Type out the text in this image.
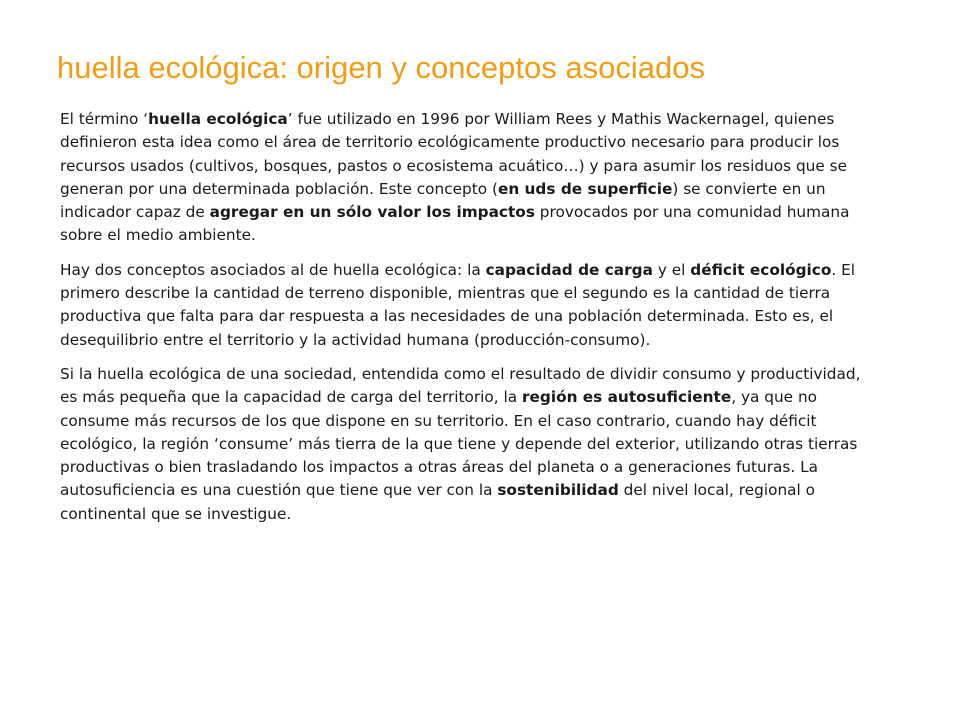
huella ecológica: origen y conceptos asociados

El término ‘huella ecológica’ fue utilizado en 1996 por William Rees y Mathis Wackernagel, quienes definieron esta idea como el área de territorio ecológicamente productivo necesario para producir los recursos usados (cultivos, bosques, pastos o ecosistema acuático…) y para asumir los residuos que se generan por una determinada población. Este concepto (en uds de superficie) se convierte en un indicador capaz de agregar en un sólo valor los impactos provocados por una comunidad humana sobre el medio ambiente.

Hay dos conceptos asociados al de huella ecológica: la capacidad de carga y el déficit ecológico. El primero describe la cantidad de terreno disponible, mientras que el segundo es la cantidad de tierra productiva que falta para dar respuesta a las necesidades de una población determinada. Esto es, el desequilibrio entre el territorio y la actividad humana (producción-consumo).

Si la huella ecológica de una sociedad, entendida como el resultado de dividir consumo y productividad, es más pequeña que la capacidad de carga del territorio, la región es autosuficiente, ya que no consume más recursos de los que dispone en su territorio. En el caso contrario, cuando hay déficit ecológico, la región ‘consume’ más tierra de la que tiene y depende del exterior, utilizando otras tierras productivas o bien trasladando los impactos a otras áreas del planeta o a generaciones futuras. La autosuficiencia es una cuestión que tiene que ver con la sostenibilidad del nivel local, regional o continental que se investigue.
